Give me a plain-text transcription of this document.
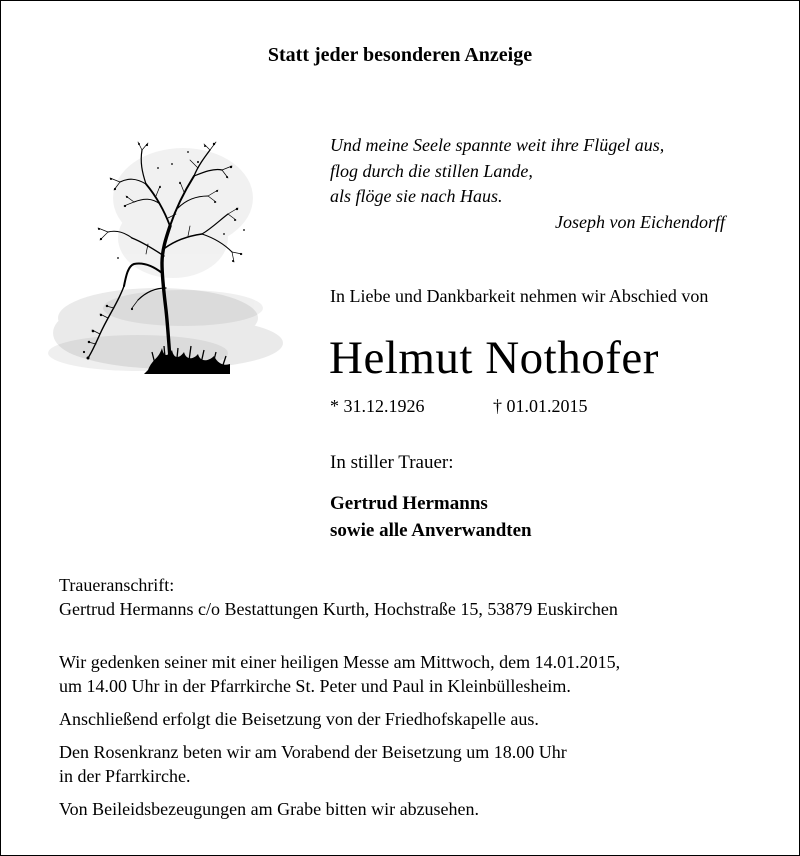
Statt jeder besonderen Anzeige
Und meine Seele spannte weit ihre Flügel aus,
flog durch die stillen Lande,
als flöge sie nach Haus.
Joseph von Eichendorff
In Liebe und Dankbarkeit nehmen wir Abschied von
Helmut Nothofer
* 31.12.1926	† 01.01.2015
In stiller Trauer:
Gertrud Hermanns
sowie alle Anverwandten
Traueranschrift:
Gertrud Hermanns c/o Bestattungen Kurth, Hochstraße 15, 53879 Euskirchen

Wir gedenken seiner mit einer heiligen Messe am Mittwoch, dem 14.01.2015,
um 14.00 Uhr in der Pfarrkirche St. Peter und Paul in Kleinbüllesheim.

Anschließend erfolgt die Beisetzung von der Friedhofskapelle aus.

Den Rosenkranz beten wir am Vorabend der Beisetzung um 18.00 Uhr
in der Pfarrkirche.

Von Beileidsbezeugungen am Grabe bitten wir abzusehen.
